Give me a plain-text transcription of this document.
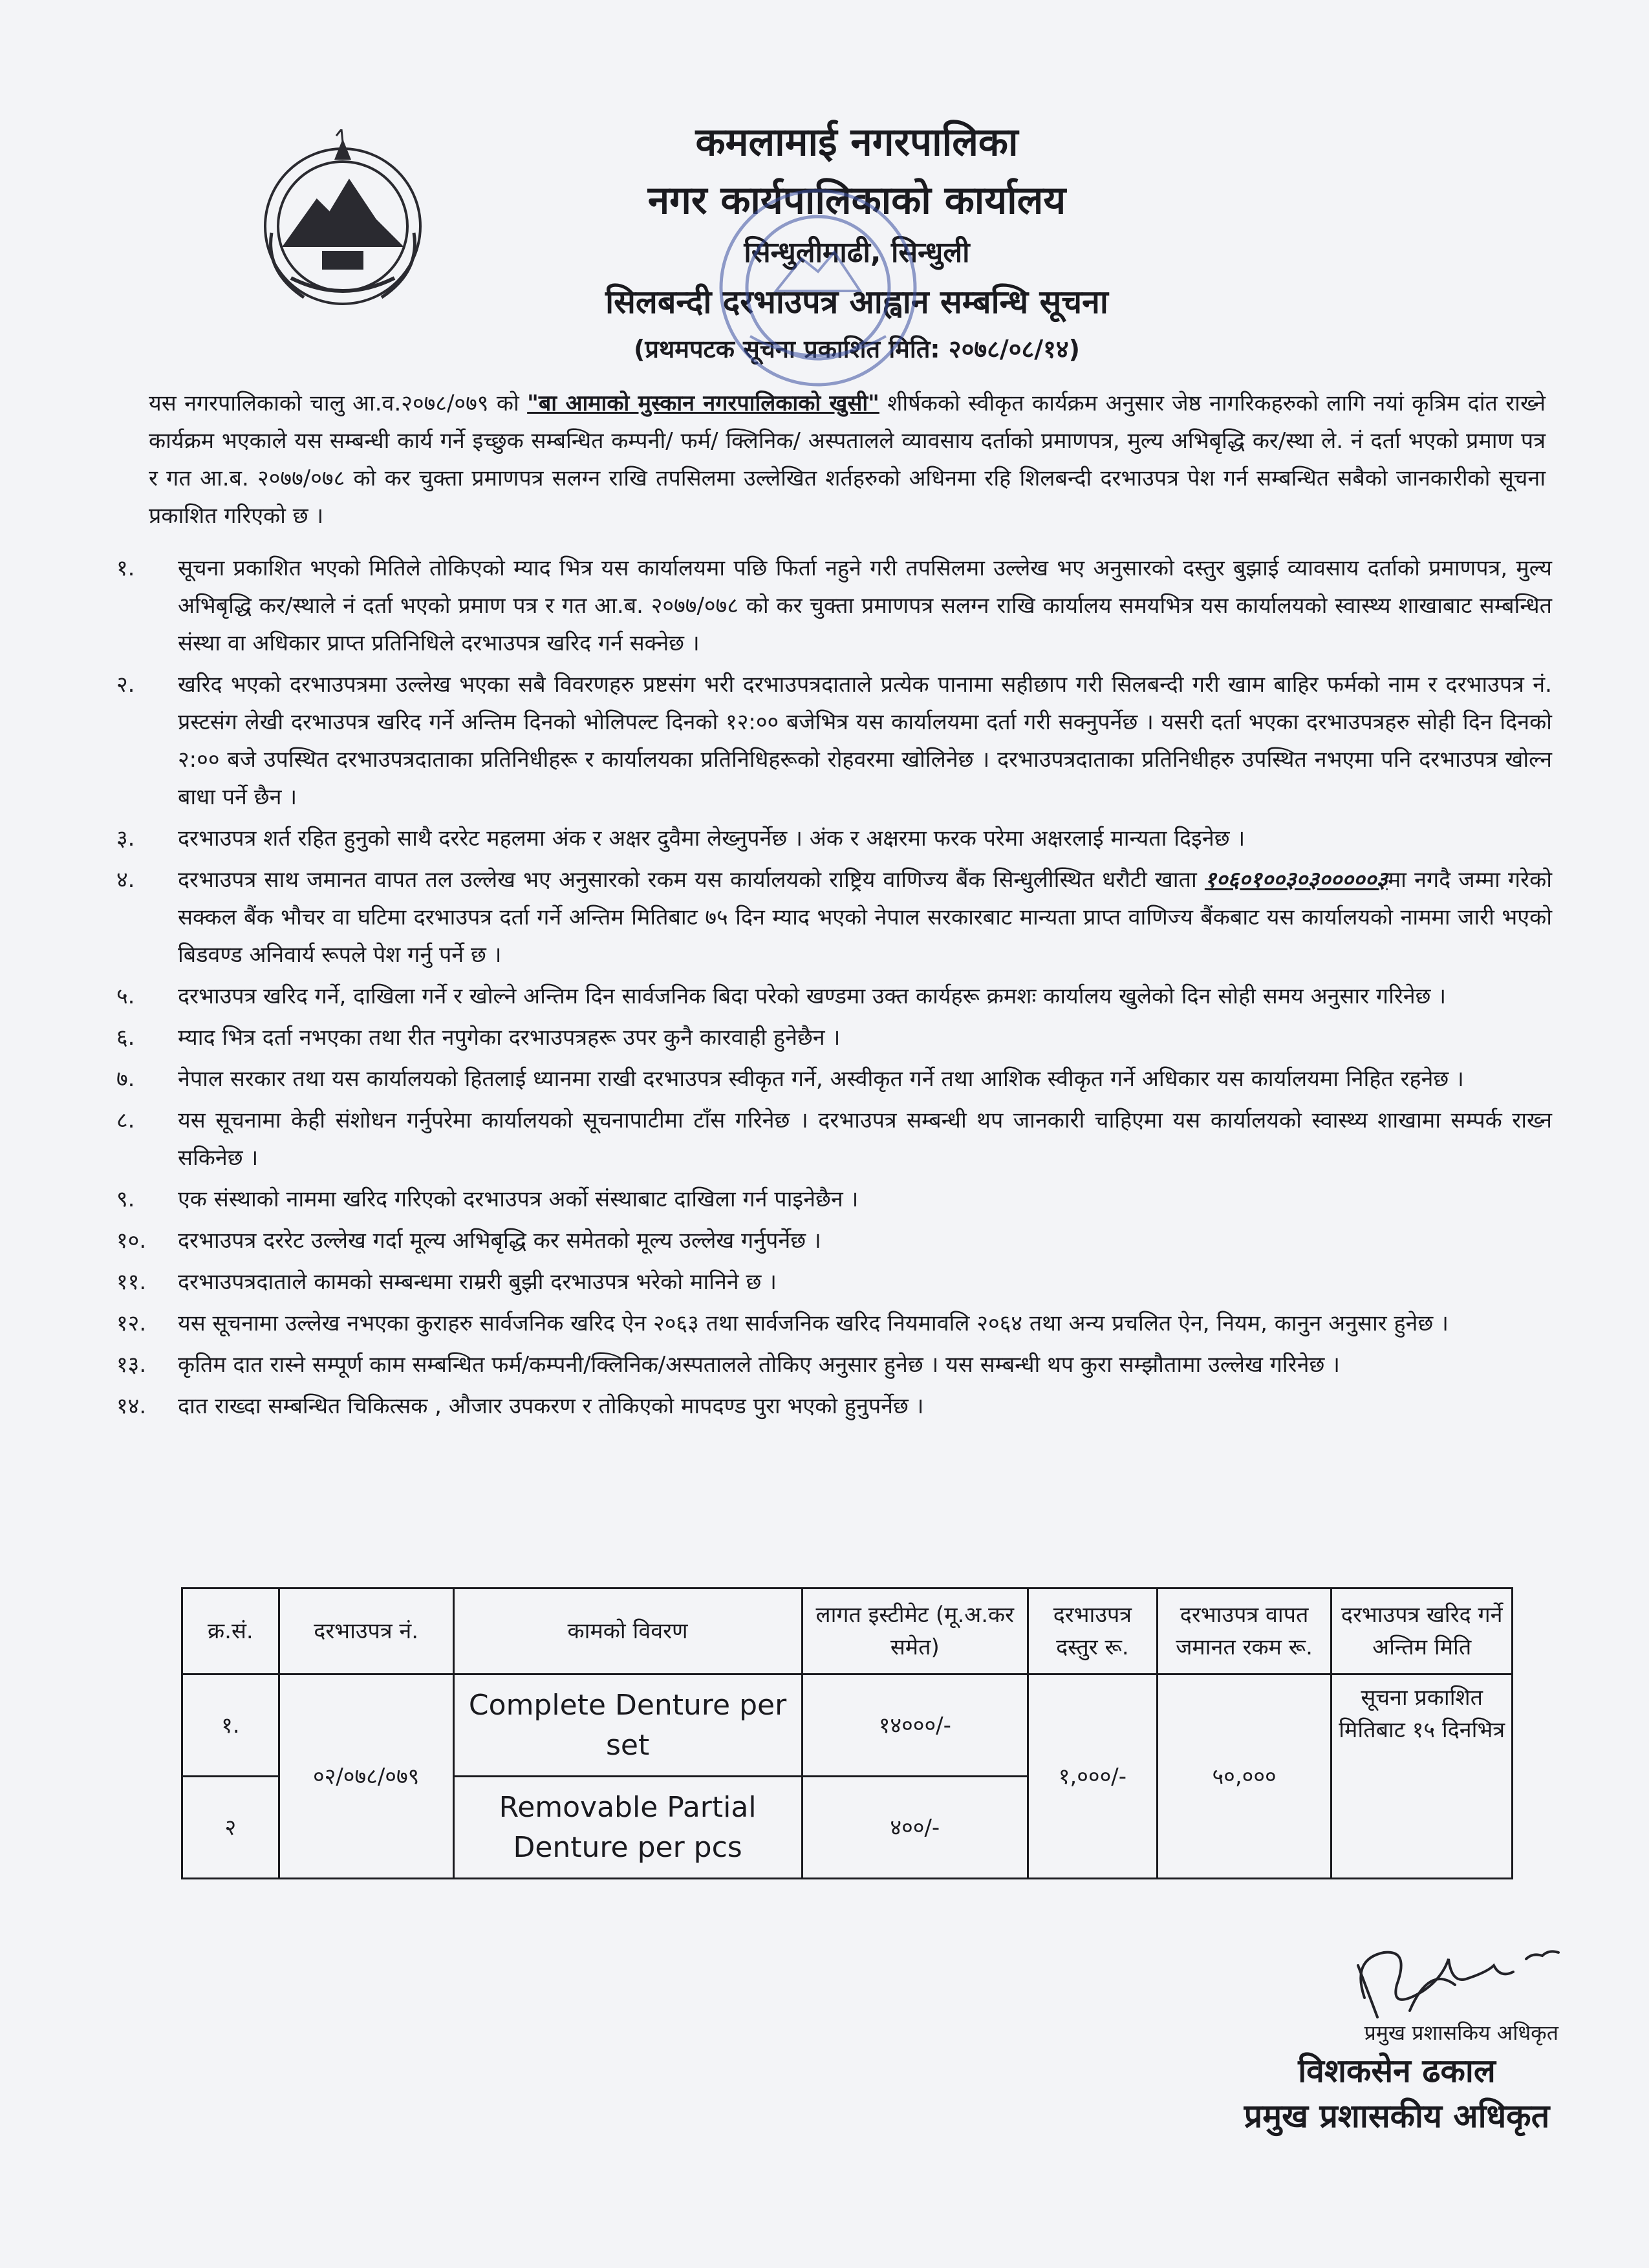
कमलामाई नगरपालिका
नगर कार्यपालिकाको कार्यालय
सिन्धुलीमाढी, सिन्धुली
सिलबन्दी दरभाउपत्र आह्वान सम्बन्धि सूचना
(प्रथमपटक सूचना प्रकाशित मिति: २०७८/०८/१४)
यस नगरपालिकाको चालु आ.व.२०७८/०७९ को "बा आमाको मुस्कान नगरपालिकाको खुसी" शीर्षकको स्वीकृत कार्यक्रम अनुसार जेष्ठ नागरिकहरुको लागि नयां कृत्रिम दांत राख्ने कार्यक्रम भएकाले यस सम्बन्धी कार्य गर्ने इच्छुक सम्बन्धित कम्पनी/ फर्म/ क्लिनिक/ अस्पतालले व्यावसाय दर्ताको प्रमाणपत्र, मुल्य अभिबृद्धि कर/स्था ले. नं दर्ता भएको प्रमाण पत्र र गत आ.ब. २०७७/०७८ को कर चुक्ता प्रमाणपत्र सलग्न राखि तपसिलमा उल्लेखित शर्तहरुको अधिनमा रहि शिलबन्दी दरभाउपत्र पेश गर्न सम्बन्धित सबैको जानकारीको सूचना प्रकाशित गरिएको छ ।
१.	सूचना प्रकाशित भएको मितिले तोकिएको म्याद भित्र यस कार्यालयमा पछि फिर्ता नहुने गरी तपसिलमा उल्लेख भए अनुसारको दस्तुर बुझाई व्यावसाय दर्ताको प्रमाणपत्र, मुल्य अभिबृद्धि कर/स्थाले नं दर्ता भएको प्रमाण पत्र र गत आ.ब. २०७७/०७८ को कर चुक्ता प्रमाणपत्र सलग्न राखि कार्यालय समयभित्र यस कार्यालयको स्वास्थ्य शाखाबाट सम्बन्धित संस्था वा अधिकार प्राप्त प्रतिनिधिले दरभाउपत्र खरिद गर्न सक्नेछ ।
२.	खरिद भएको दरभाउपत्रमा उल्लेख भएका सबै विवरणहरु प्रष्टसंग भरी दरभाउपत्रदाताले प्रत्येक पानामा सहीछाप गरी सिलबन्दी गरी खाम बाहिर फर्मको नाम र दरभाउपत्र नं. प्रस्टसंग लेखी दरभाउपत्र खरिद गर्ने अन्तिम दिनको भोलिपल्ट दिनको १२:०० बजेभित्र यस कार्यालयमा दर्ता गरी सक्नुपर्नेछ । यसरी दर्ता भएका दरभाउपत्रहरु सोही दिन दिनको २:०० बजे उपस्थित दरभाउपत्रदाताका प्रतिनिधीहरू र कार्यालयका प्रतिनिधिहरूको रोहवरमा खोलिनेछ । दरभाउपत्रदाताका प्रतिनिधीहरु उपस्थित नभएमा पनि दरभाउपत्र खोल्न बाधा पर्ने छैन ।
३.	दरभाउपत्र शर्त रहित हुनुको साथै दररेट महलमा अंक र अक्षर दुवैमा लेख्नुपर्नेछ । अंक र अक्षरमा फरक परेमा अक्षरलाई मान्यता दिइनेछ ।
४.	दरभाउपत्र साथ जमानत वापत तल उल्लेख भए अनुसारको रकम यस कार्यालयको राष्ट्रिय वाणिज्य बैंक सिन्धुलीस्थित धरौटी खाता १०६०१००३०३०००००३मा नगदै जम्मा गरेको सक्कल बैंक भौचर वा घटिमा दरभाउपत्र दर्ता गर्ने अन्तिम मितिबाट ७५ दिन म्याद भएको नेपाल सरकारबाट मान्यता प्राप्त वाणिज्य बैंकबाट यस कार्यालयको नाममा जारी भएको बिडवण्ड अनिवार्य रूपले पेश गर्नु पर्ने छ ।
५.	दरभाउपत्र खरिद गर्ने, दाखिला गर्ने र खोल्ने अन्तिम दिन सार्वजनिक बिदा परेको खण्डमा उक्त कार्यहरू क्रमशः कार्यालय खुलेको दिन सोही समय अनुसार गरिनेछ ।
६.	म्याद भित्र दर्ता नभएका तथा रीत नपुगेका दरभाउपत्रहरू उपर कुनै कारवाही हुनेछैन ।
७.	नेपाल सरकार तथा यस कार्यालयको हितलाई ध्यानमा राखी दरभाउपत्र स्वीकृत गर्ने, अस्वीकृत गर्ने तथा आशिक स्वीकृत गर्ने अधिकार यस कार्यालयमा निहित रहनेछ ।
८.	यस सूचनामा केही संशोधन गर्नुपरेमा कार्यालयको सूचनापाटीमा टाँस गरिनेछ । दरभाउपत्र सम्बन्धी थप जानकारी चाहिएमा यस कार्यालयको स्वास्थ्य शाखामा सम्पर्क राख्न सकिनेछ ।
९.	एक संस्थाको नाममा खरिद गरिएको दरभाउपत्र अर्को संस्थाबाट दाखिला गर्न पाइनेछैन ।
१०.	दरभाउपत्र दररेट उल्लेख गर्दा मूल्य अभिबृद्धि कर समेतको मूल्य उल्लेख गर्नुपर्नेछ ।
११.	दरभाउपत्रदाताले कामको सम्बन्धमा राम्ररी बुझी दरभाउपत्र भरेको मानिने छ ।
१२.	यस सूचनामा उल्लेख नभएका कुराहरु सार्वजनिक खरिद ऐन २०६३ तथा सार्वजनिक खरिद नियमावलि २०६४ तथा अन्य प्रचलित ऐन, नियम, कानुन अनुसार हुनेछ ।
१३.	कृतिम दात रास्ने सम्पूर्ण काम सम्बन्धित फर्म/कम्पनी/क्लिनिक/अस्पतालले तोकिए अनुसार हुनेछ । यस सम्बन्धी थप कुरा सम्झौतामा उल्लेख गरिनेछ ।
१४.	दात राख्दा सम्बन्धित चिकित्सक , औजार उपकरण र तोकिएको मापदण्ड पुरा भएको हुनुपर्नेछ ।
क्र.सं.	दरभाउपत्र नं.	कामको विवरण	लागत इस्टीमेट (मू.अ.कर समेत)	दरभाउपत्र दस्तुर रू.	दरभाउपत्र वापत जमानत रकम रू.	दरभाउपत्र खरिद गर्ने अन्तिम मिति
१.	०२/०७८/०७९	Complete Denture per set	१४०००/-	१,०००/-	५०,०००	सूचना प्रकाशित मितिबाट १५ दिनभित्र
२		Removable Partial Denture per pcs	४००/-			
प्रमुख प्रशासकिय अधिकृत
विशकसेन ढकाल
प्रमुख प्रशासकीय अधिकृत
